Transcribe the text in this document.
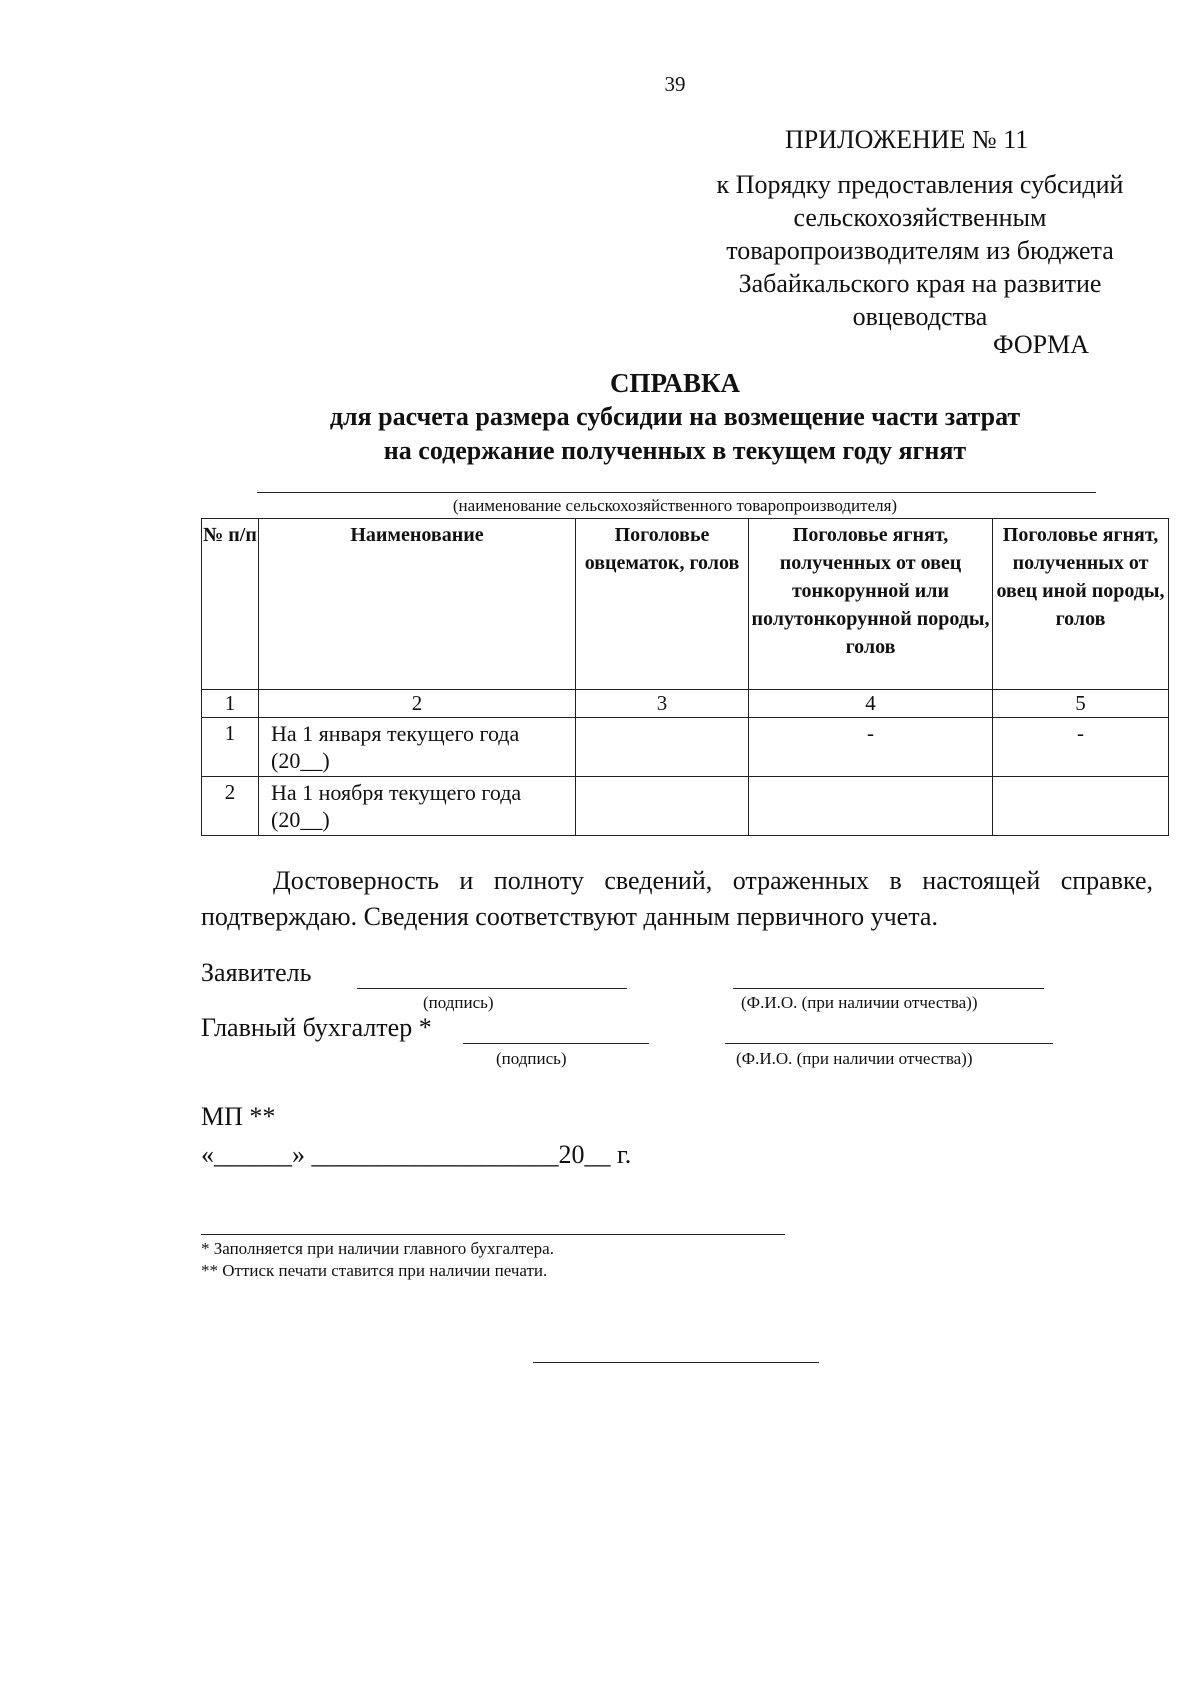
39
ПРИЛОЖЕНИЕ № 11
к Порядку предоставления субсидий
сельскохозяйственным
товаропроизводителям из бюджета
Забайкальского края на развитие
овцеводства
ФОРМА
СПРАВКА
для расчета размера субсидии на возмещение части затрат
на содержание полученных в текущем году ягнят
(наименование сельскохозяйственного товаропроизводителя)
№ п/п	Наименование	Поголовье овцематок, голов	Поголовье ягнят, полученных от овец тонкорунной или полутонкорунной породы, голов	Поголовье ягнят, полученных от овец иной породы, голов
1	2	3	4	5
1	На 1 января текущего года (20__)		-	-
2	На 1 ноября текущего года (20__)			
Достоверность и полноту сведений, отраженных в настоящей справке,
подтверждаю. Сведения соответствуют данным первичного учета.
Заявитель
(подпись)	(Ф.И.О. (при наличии отчества))
Главный бухгалтер *
(подпись)	(Ф.И.О. (при наличии отчества))
МП **
«______» ___________________20__ г.
* Заполняется при наличии главного бухгалтера.
** Оттиск печати ставится при наличии печати.
